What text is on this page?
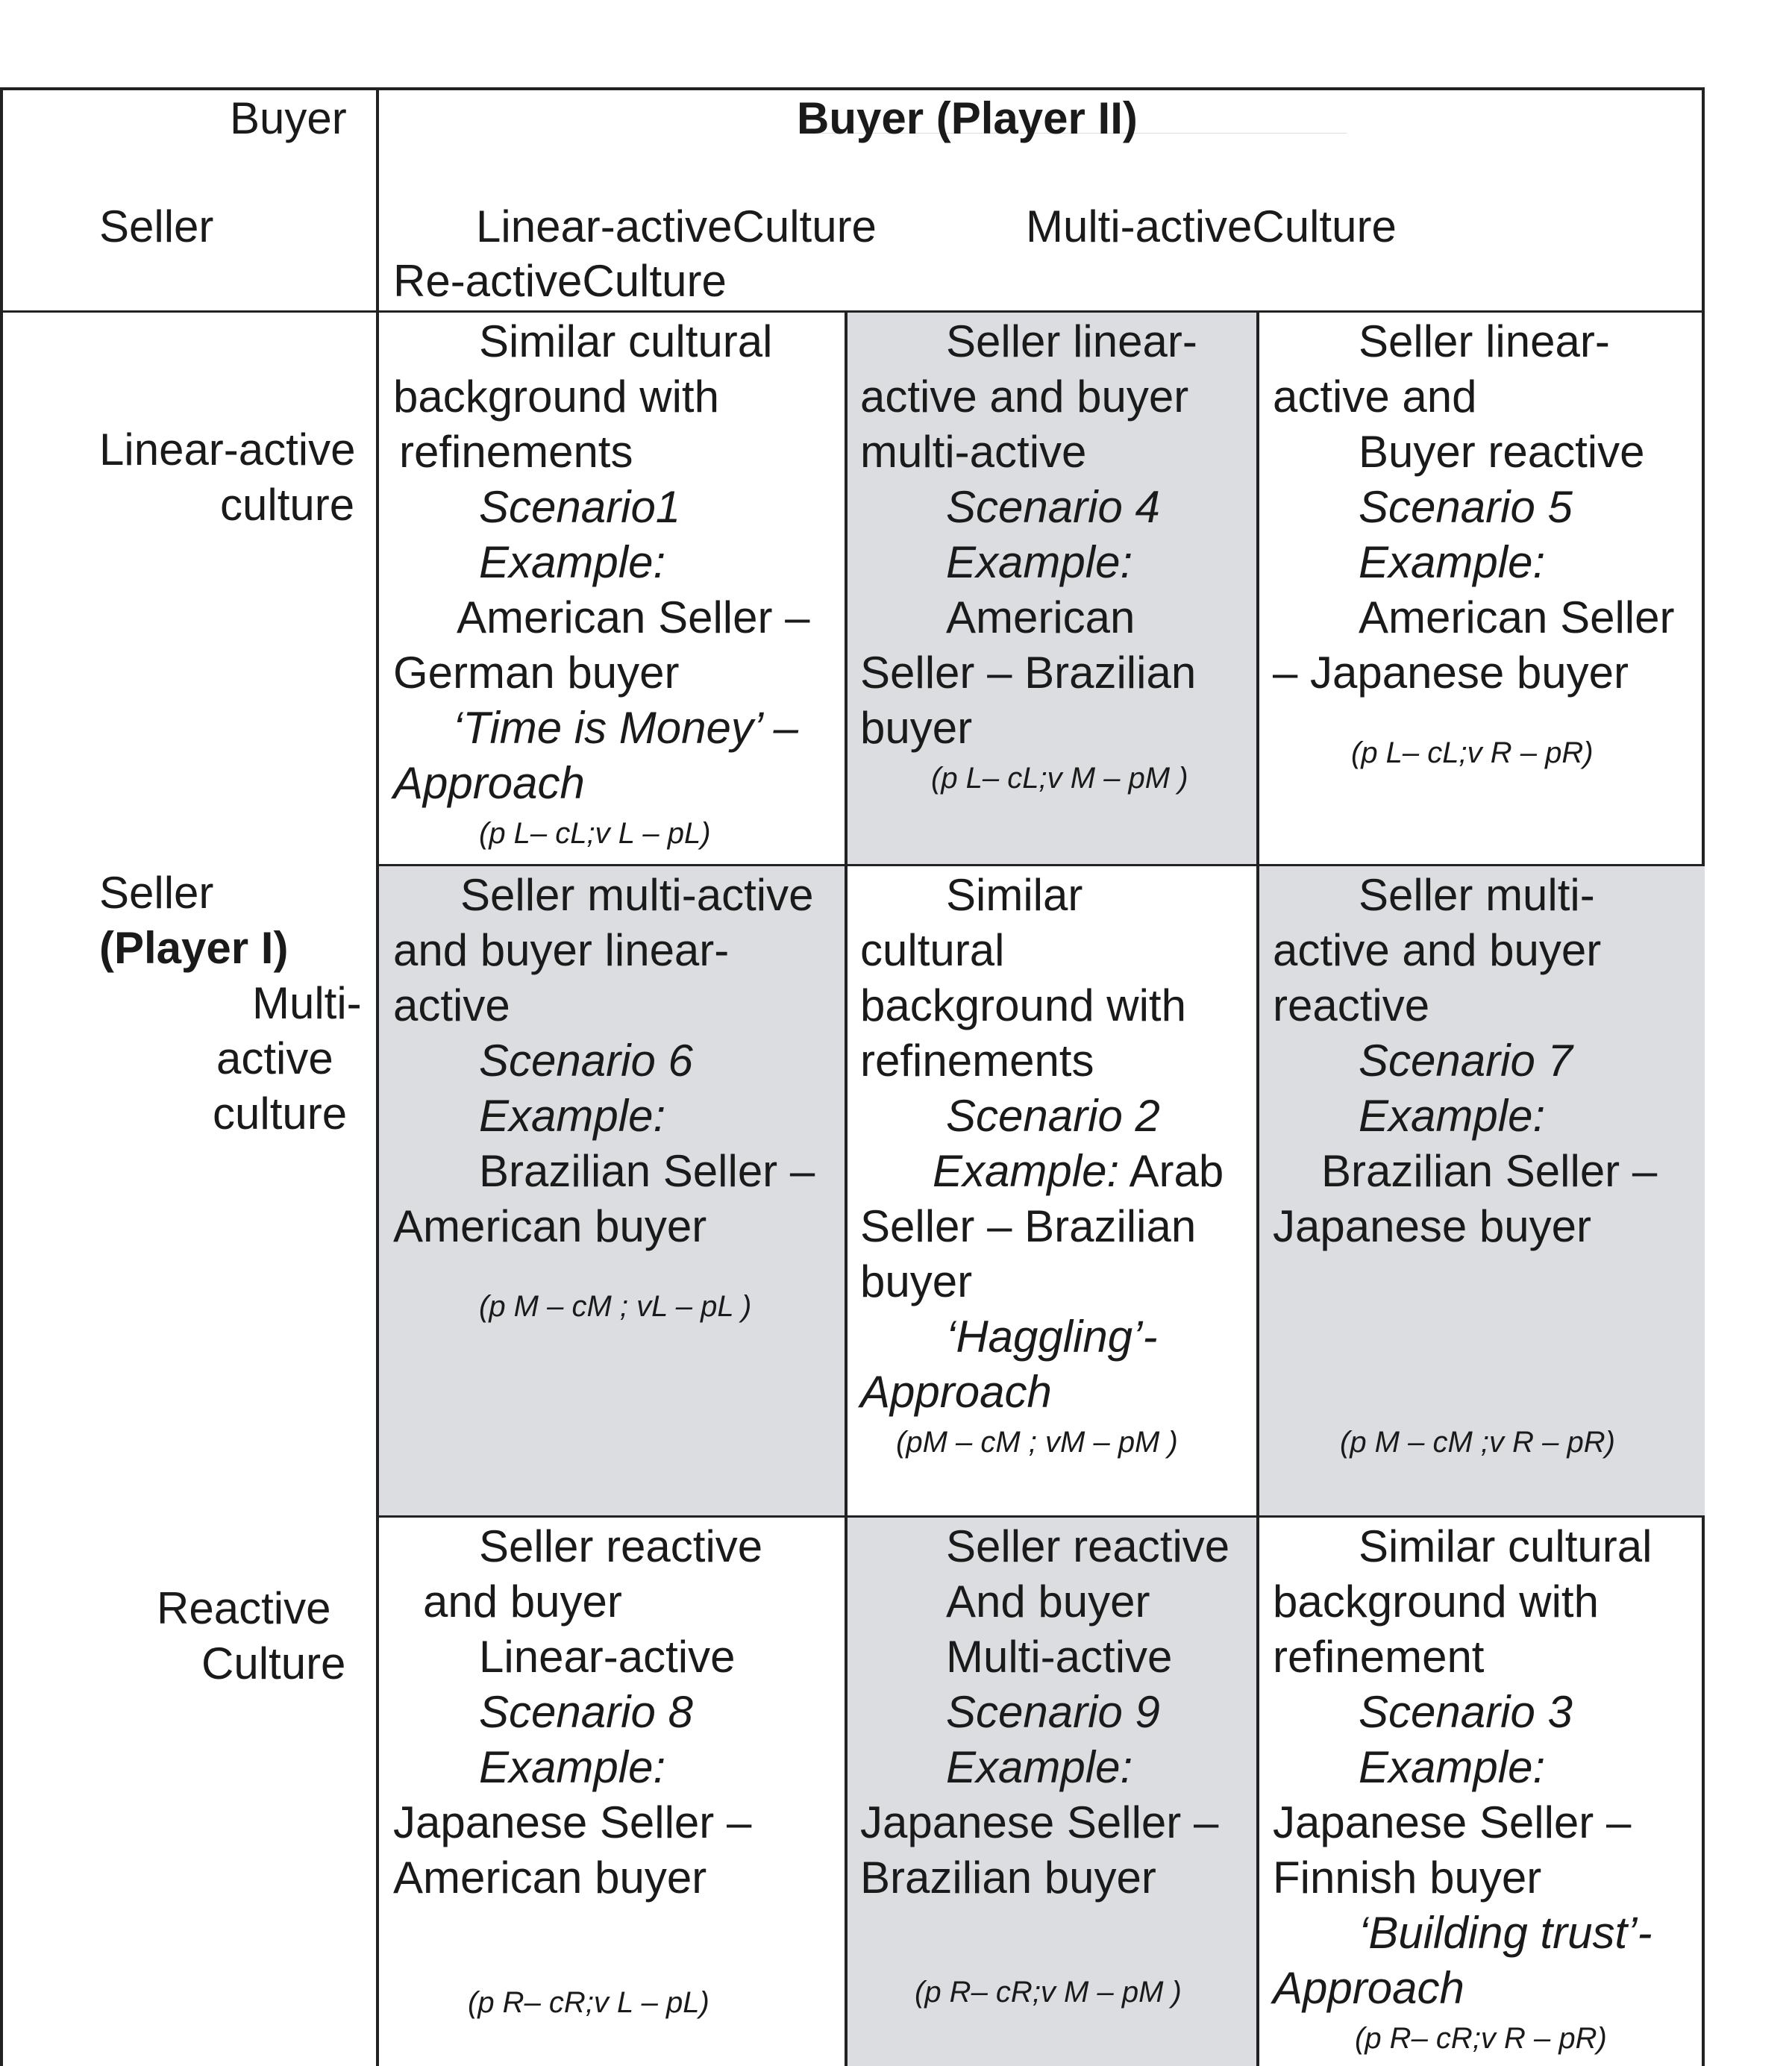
Buyer
Seller
Buyer (Player II)
Linear-activeCulture	Multi-activeCulture
Re-activeCulture
Linear-active
culture
Seller
(Player I)
Multi-
active
culture
Reactive
Culture
Similar cultural
background with
refinements
Scenario1
Example:
American Seller –
German buyer
‘Time is Money’ –
Approach
(p L– cL;v L – pL)
Seller linear-
active and buyer
multi-active
Scenario 4
Example:
American
Seller – Brazilian
buyer
(p L– cL;v M – pM )
Seller linear-
active and
Buyer reactive
Scenario 5
Example:
American Seller
– Japanese buyer
(p L– cL;v R – pR)
Seller multi-active
and buyer linear-
active
Scenario 6
Example:
Brazilian Seller –
American buyer
(p M – cM ; vL – pL )
Similar
cultural
background with
refinements
Scenario 2
Example: Arab
Seller – Brazilian
buyer
‘Haggling’-
Approach
(pM – cM ; vM – pM )
Seller multi-
active and buyer
reactive
Scenario 7
Example:
Brazilian Seller –
Japanese buyer
(p M – cM ;v R – pR)
Seller reactive
and buyer
Linear-active
Scenario 8
Example:
Japanese Seller –
American buyer
(p R– cR;v L – pL)
Seller reactive
And buyer
Multi-active
Scenario 9
Example:
Japanese Seller –
Brazilian buyer
(p R– cR;v M – pM )
Similar cultural
background with
refinement
Scenario 3
Example:
Japanese Seller –
Finnish buyer
‘Building trust’-
Approach
(p R– cR;v R – pR)
